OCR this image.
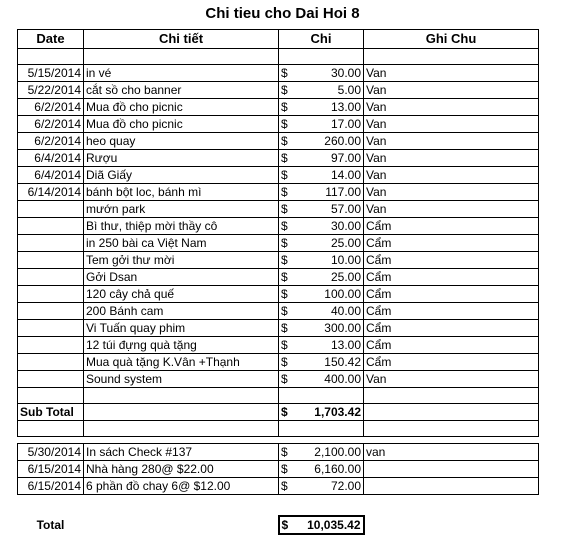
Chi tieu cho Dai Hoi 8
Date	Chi tiết	Chi	Ghi Chu

5/15/2014	in vé	$ 30.00	Van
5/22/2014	cắt sồ cho banner	$ 5.00	Van
6/2/2014	Mua đồ cho picnic	$ 13.00	Van
6/2/2014	Mua đồ cho picnic	$ 17.00	Van
6/2/2014	heo quay	$ 260.00	Van
6/4/2014	Rượu	$ 97.00	Van
6/4/2014	Diã Giấy	$ 14.00	Van
6/14/2014	bánh bột loc, bánh mì	$ 117.00	Van
	mướn park	$ 57.00	Van
	Bì thư, thiệp mời thầy cô	$ 30.00	Cẩm
	in 250 bài ca Việt Nam	$ 25.00	Cẩm
	Tem gởi thư mời	$ 10.00	Cẩm
	Gởi Dsan	$ 25.00	Cẩm
	120 cây chả quế	$ 100.00	Cẩm
	200 Bánh cam	$ 40.00	Cẩm
	Vi Tuấn quay phim	$ 300.00	Cẩm
	12 túi đựng quà tặng	$ 13.00	Cẩm
	Mua quà tặng K.Vân +Thạnh	$ 150.42	Cẩm
	Sound system	$ 400.00	Van

Sub Total		$ 1,703.42	

5/30/2014	In sách Check #137	$ 2,100.00	van
6/15/2014	Nhà hàng 280@ $22.00	$ 6,160.00	

6/15/2014	6 phần đồ chay 6@ $12.00	$ 72.00	

Total		$ 10,035.42	
